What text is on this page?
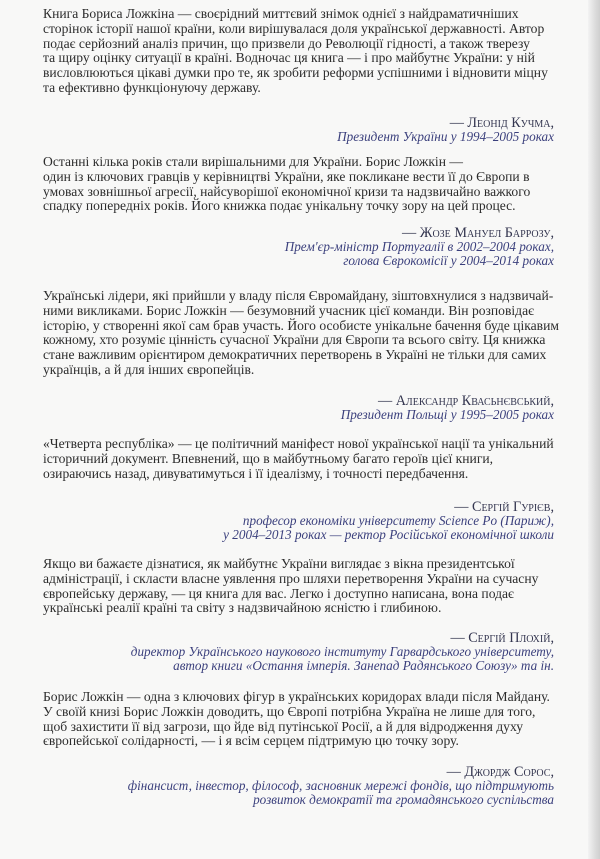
Книга Бориса Ложкіна — своєрідний миттєвий знімок однієї з найдраматичніших
сторінок історії нашої країни, коли вирішувалася доля української державності. Автор
подає серйозний аналіз причин, що призвели до Революції гідності, а також тверезу
та щиру оцінку ситуації в країні. Водночас ця книга — і про майбутнє України: у ній
висловлюються цікаві думки про те, як зробити реформи успішними і відновити міцну
та ефективно функціонуючу державу.
— Леонід Кучма,
Президент України у 1994–2005 роках
Останні кілька років стали вирішальними для України. Борис Ложкін —
один із ключових гравців у керівництві України, яке покликане вести її до Європи в
умовах зовнішньої агресії, найсуворішої економічної кризи та надзвичайно важкого
спадку попередніх років. Його книжка подає унікальну точку зору на цей процес.
— Жозе Мануел Баррозу,
Прем'єр-міністр Португалії в 2002–2004 роках,
голова Єврокомісії у 2004–2014 роках
Українські лідери, які прийшли у владу після Євромайдану, зіштовхнулися з надзвичай-
ними викликами. Борис Ложкін — безумовний учасник цієї команди. Він розповідає
історію, у створенні якої сам брав участь. Його особисте унікальне бачення буде цікавим
кожному, хто розуміє цінність сучасної України для Європи та всього світу. Ця книжка
стане важливим орієнтиром демократичних перетворень в Україні не тільки для самих
українців, а й для інших європейців.
— Александр Квасьнєвський,
Президент Польщі у 1995–2005 роках
«Четверта республіка» — це політичний маніфест нової української нації та унікальний
історичний документ. Впевнений, що в майбутньому багато героїв цієї книги,
озираючись назад, дивуватимуться і її ідеалізму, і точності передбачення.
— Сергій Гурієв,
професор економіки університету Science Po (Париж),
у 2004–2013 роках — ректор Російської економічної школи
Якщо ви бажаєте дізнатися, як майбутнє України виглядає з вікна президентської
адміністрації, і скласти власне уявлення про шляхи перетворення України на сучасну
європейську державу, — ця книга для вас. Легко і доступно написана, вона подає
українські реалії країні та світу з надзвичайною ясністю і глибиною.
— Сергій Плохій,
директор Українського наукового інституту Гарвардського університету,
автор книги «Остання імперія. Занепад Радянського Союзу» та ін.
Борис Ложкін — одна з ключових фігур в українських коридорах влади після Майдану.
У своїй книзі Борис Ложкін доводить, що Європі потрібна Україна не лише для того,
щоб захистити її від загрози, що йде від путінської Росії, а й для відродження духу
європейської солідарності, — і я всім серцем підтримую цю точку зору.
— Джордж Сорос,
фінансист, інвестор, філософ, засновник мережі фондів, що підтримують
розвиток демократії та громадянського суспільства
